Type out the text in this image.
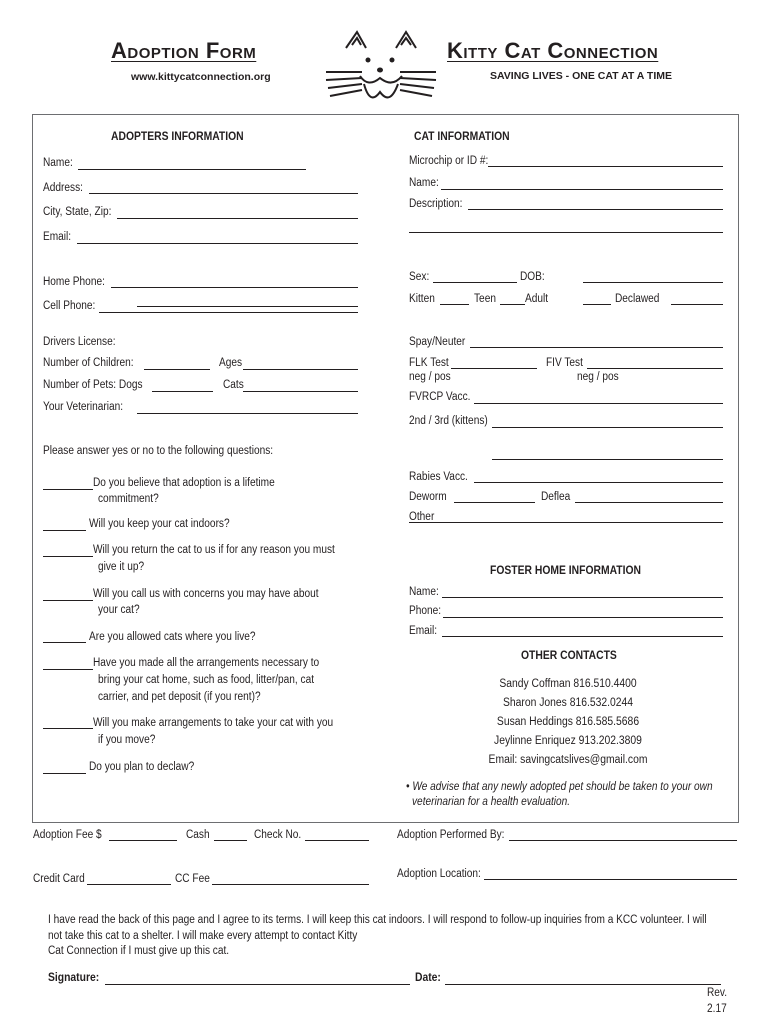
Adoption Form
www.kittycatconnection.org
Kitty Cat Connection
SAVING LIVES - ONE CAT AT A TIME
ADOPTERS INFORMATION
Name:
Address:
City, State, Zip:
Email:
Home Phone:
Cell Phone:
Drivers License:
Number of Children:	Ages
Number of Pets: Dogs	Cats
Your Veterinarian:
Please answer yes or no to the following questions:
Do you believe that adoption is a lifetime
commitment?
Will you keep your cat indoors?
Will you return the cat to us if for any reason you must
give it up?
Will you call us with concerns you may have about
your cat?
Are you allowed cats where you live?
Have you made all the arrangements necessary to
bring your cat home, such as food, litter/pan, cat
carrier, and pet deposit (if you rent)?
Will you make arrangements to take your cat with you
if you move?
Do you plan to declaw?
CAT INFORMATION
Microchip or ID #:
Name:
Description:
Sex:	DOB:
Kitten	Teen	Adult	Declawed
Spay/Neuter
FLK Test	FIV Test
neg / pos	neg / pos
FVRCP Vacc.
2nd / 3rd (kittens)
Rabies Vacc.
Deworm	Deflea
Other
FOSTER HOME INFORMATION
Name:
Phone:
Email:
OTHER CONTACTS
Sandy Coffman 816.510.4400
Sharon Jones 816.532.0244
Susan Heddings 816.585.5686
Jeylinne Enriquez 913.202.3809
Email: savingcatslives@gmail.com
• We advise that any newly adopted pet should be taken to your own
veterinarian for a health evaluation.
Adoption Fee $	Cash	Check No.	Adoption Performed By:
Credit Card	CC Fee	Adoption Location:
I have read the back of this page and I agree to its terms. I will keep this cat indoors. I will respond to follow-up inquiries from a KCC volunteer. I will
not take this cat to a shelter. I will make every attempt to contact Kitty
Cat Connection if I must give up this cat.
Signature:	Date:
Rev.
2.17
